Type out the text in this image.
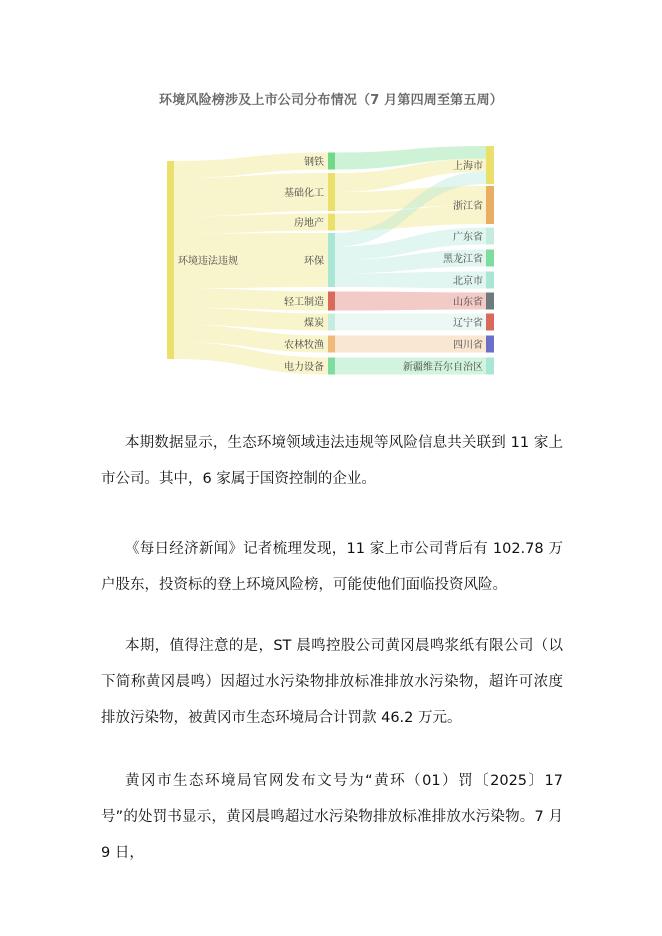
环境风险榜涉及上市公司分布情况（7 月第四周至第五周）
环境违法违规
钢铁
基础化工
房地产
环保
轻工制造
煤炭
农林牧渔
电力设备
上海市
浙江省
广东省
黑龙江省
北京市
山东省
辽宁省
四川省
新疆维吾尔自治区

本期数据显示，生态环境领域违法违规等风险信息共关联到 11 家上市公司。其中，6 家属于国资控制的企业。

《每日经济新闻》记者梳理发现，11 家上市公司背后有 102.78 万户股东，投资标的登上环境风险榜，可能使他们面临投资风险。

本期，值得注意的是，ST 晨鸣控股公司黄冈晨鸣浆纸有限公司（以下简称黄冈晨鸣）因超过水污染物排放标准排放水污染物，超许可浓度排放污染物，被黄冈市生态环境局合计罚款 46.2 万元。

黄冈市生态环境局官网发布文号为“黄环（01）罚〔2025〕17 号”的处罚书显示，黄冈晨鸣超过水污染物排放标准排放水污染物。7 月 9 日，
